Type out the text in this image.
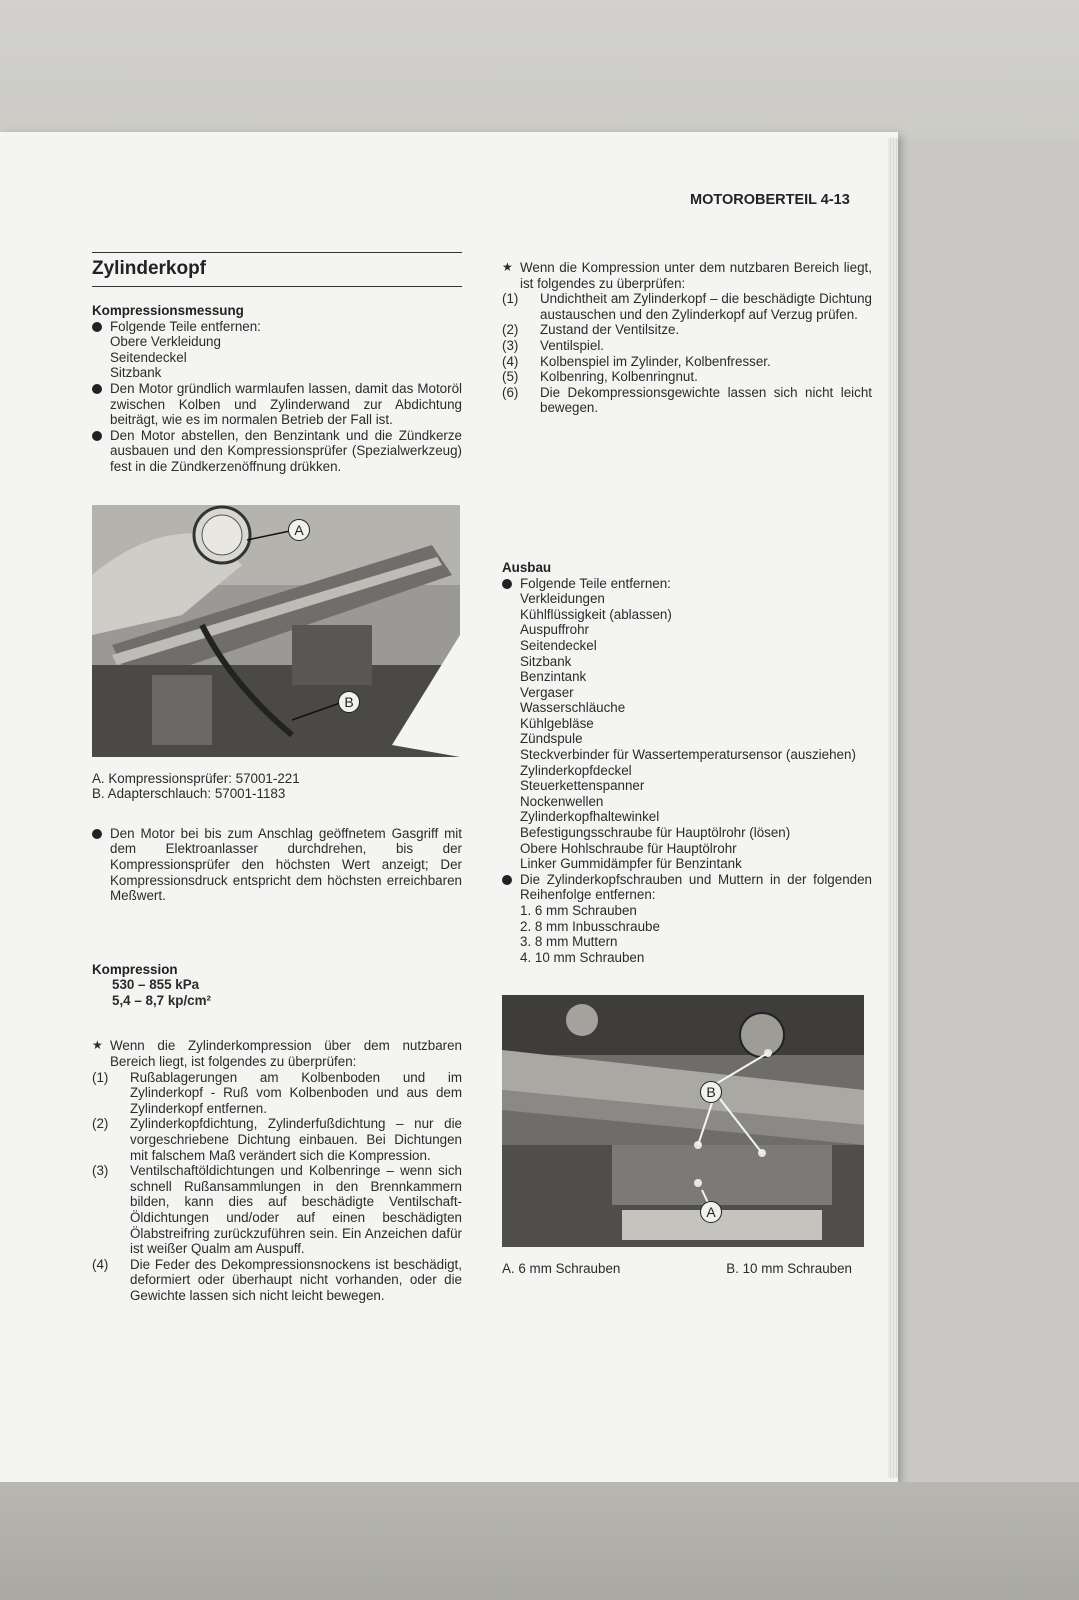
MOTOROBERTEIL 4-13
Zylinderkopf
Kompressionsmessung
Folgende Teile entfernen:
Obere Verkleidung
Seitendeckel
Sitzbank
Den Motor gründlich warmlaufen lassen, damit das Motoröl zwischen Kolben und Zylinderwand zur Abdichtung beiträgt, wie es im normalen Betrieb der Fall ist.
Den Motor abstellen, den Benzintank und die Zündkerze ausbauen und den Kompressionsprüfer (Spezialwerkzeug) fest in die Zündkerzenöffnung drükken.
A
B
A. Kompressionsprüfer: 57001-221
B. Adapterschlauch: 57001-1183
Den Motor bei bis zum Anschlag geöffnetem Gasgriff mit dem Elektroanlasser durchdrehen, bis der Kompressionsprüfer den höchsten Wert anzeigt; Der Kompressionsdruck entspricht dem höchsten erreichbaren Meßwert.
Kompression
530 – 855 kPa
5,4 – 8,7 kp/cm²
★ Wenn die Zylinderkompression über dem nutzbaren Bereich liegt, ist folgendes zu überprüfen:
(1) Rußablagerungen am Kolbenboden und im Zylinderkopf - Ruß vom Kolbenboden und aus dem Zylinderkopf entfernen.
(2) Zylinderkopfdichtung, Zylinderfußdichtung – nur die vorgeschriebene Dichtung einbauen. Bei Dichtungen mit falschem Maß verändert sich die Kompression.
(3) Ventilschaftöldichtungen und Kolbenringe – wenn sich schnell Rußansammlungen in den Brennkammern bilden, kann dies auf beschädigte Ventilschaft-Öldichtungen und/oder auf einen beschädigten Ölabstreifring zurückzuführen sein. Ein Anzeichen dafür ist weißer Qualm am Auspuff.
(4) Die Feder des Dekompressionsnockens ist beschädigt, deformiert oder überhaupt nicht vorhanden, oder die Gewichte lassen sich nicht leicht bewegen.
★ Wenn die Kompression unter dem nutzbaren Bereich liegt, ist folgendes zu überprüfen:
(1) Undichtheit am Zylinderkopf – die beschädigte Dichtung austauschen und den Zylinderkopf auf Verzug prüfen.
(2) Zustand der Ventilsitze.
(3) Ventilspiel.
(4) Kolbenspiel im Zylinder, Kolbenfresser.
(5) Kolbenring, Kolbenringnut.
(6) Die Dekompressionsgewichte lassen sich nicht leicht bewegen.
Ausbau
Folgende Teile entfernen:
Verkleidungen
Kühlflüssigkeit (ablassen)
Auspuffrohr
Seitendeckel
Sitzbank
Benzintank
Vergaser
Wasserschläuche
Kühlgebläse
Zündspule
Steckverbinder für Wassertemperatursensor (ausziehen)
Zylinderkopfdeckel
Steuerkettenspanner
Nockenwellen
Zylinderkopfhaltewinkel
Befestigungsschraube für Hauptölrohr (lösen)
Obere Hohlschraube für Hauptölrohr
Linker Gummidämpfer für Benzintank
Die Zylinderkopfschrauben und Muttern in der folgenden Reihenfolge entfernen:
1. 6 mm Schrauben
2. 8 mm Inbusschraube
3. 8 mm Muttern
4. 10 mm Schrauben
B
A
A. 6 mm Schrauben	B. 10 mm Schrauben
